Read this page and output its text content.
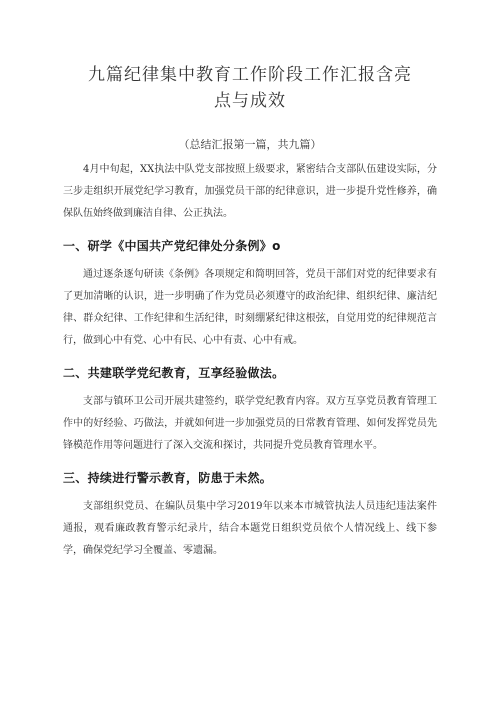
九篇纪律集中教育工作阶段工作汇报含亮
点与成效

（总结汇报第一篇，共九篇）

4月中旬起，XX执法中队党支部按照上级要求，紧密结合支部队伍建设实际，分三步走组织开展党纪学习教育，加强党员干部的纪律意识，进一步提升党性修养，确保队伍始终做到廉洁自律、公正执法。

一、研学《中国共产党纪律处分条例》o

通过逐条逐句研读《条例》各项规定和简明回答，党员干部们对党的纪律要求有了更加清晰的认识，进一步明确了作为党员必须遵守的政治纪律、组织纪律、廉洁纪律、群众纪律、工作纪律和生活纪律，时刻绷紧纪律这根弦，自觉用党的纪律规范言行，做到心中有党、心中有民、心中有责、心中有戒。

二、共建联学党纪教育，互享经验做法。

支部与镇环卫公司开展共建签约，联学党纪教育内容。双方互享党员教育管理工作中的好经验、巧做法，并就如何进一步加强党员的日常教育管理、如何发挥党员先锋模范作用等问题进行了深入交流和探讨，共同提升党员教育管理水平。

三、持续进行警示教育，防患于未然。

支部组织党员、在编队员集中学习2019年以来本市城管执法人员违纪违法案件通报，观看廉政教育警示纪录片，结合本题党日组织党员依个人情况线上、线下参学，确保党纪学习全覆盖、零遗漏。
